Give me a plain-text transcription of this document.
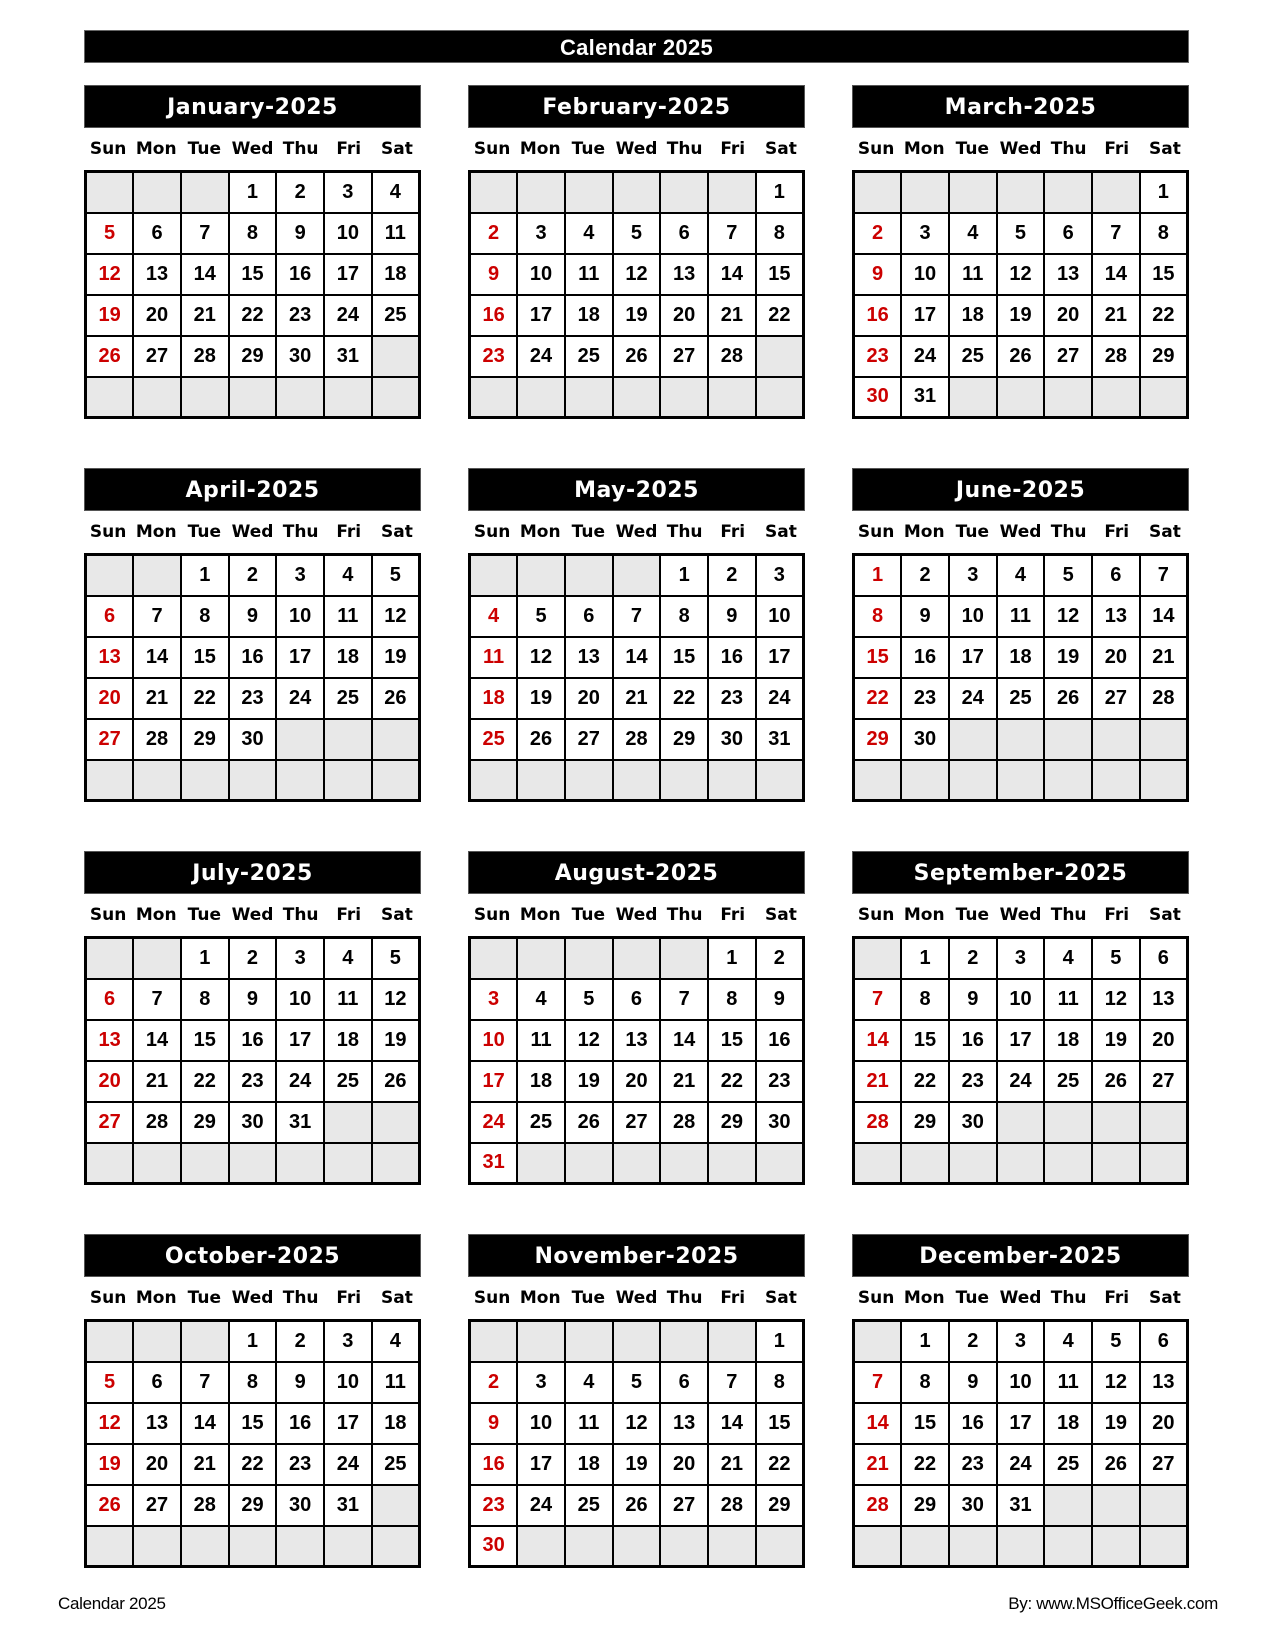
Calendar 2025
January-2025
Sun Mon Tue Wed Thu	Fri	Sat
			1	2	3	4
5	6	7	8	9	10	11
12	13	14	15	16	17	18
19	20	21	22	23	24	25
26	27	28	29	30	31	

February-2025
Sun Mon Tue Wed Thu	Fri	Sat
						1
2	3	4	5	6	7	8
9	10	11	12	13	14	15
16	17	18	19	20	21	22
23	24	25	26	27	28	

March-2025
Sun Mon Tue Wed Thu	Fri	Sat
						1
2	3	4	5	6	7	8
9	10	11	12	13	14	15
16	17	18	19	20	21	22
23	24	25	26	27	28	29
30	31					
April-2025
Sun Mon Tue Wed Thu	Fri	Sat
		1	2	3	4	5
6	7	8	9	10	11	12
13	14	15	16	17	18	19
20	21	22	23	24	25	26
27	28	29	30			

May-2025
Sun Mon Tue Wed Thu	Fri	Sat
				1	2	3
4	5	6	7	8	9	10
11	12	13	14	15	16	17
18	19	20	21	22	23	24
25	26	27	28	29	30	31

June-2025
Sun Mon Tue Wed Thu	Fri	Sat
1	2	3	4	5	6	7
8	9	10	11	12	13	14
15	16	17	18	19	20	21
22	23	24	25	26	27	28
29	30					

July-2025
Sun Mon Tue Wed Thu	Fri	Sat
		1	2	3	4	5
6	7	8	9	10	11	12
13	14	15	16	17	18	19
20	21	22	23	24	25	26
27	28	29	30	31		

August-2025
Sun Mon Tue Wed Thu	Fri	Sat
					1	2
3	4	5	6	7	8	9
10	11	12	13	14	15	16
17	18	19	20	21	22	23
24	25	26	27	28	29	30
31						
September-2025
Sun Mon Tue Wed Thu	Fri	Sat
	1	2	3	4	5	6
7	8	9	10	11	12	13
14	15	16	17	18	19	20
21	22	23	24	25	26	27
28	29	30				

October-2025
Sun Mon Tue Wed Thu	Fri	Sat
			1	2	3	4
5	6	7	8	9	10	11
12	13	14	15	16	17	18
19	20	21	22	23	24	25
26	27	28	29	30	31	

November-2025
Sun Mon Tue Wed Thu	Fri	Sat
						1
2	3	4	5	6	7	8
9	10	11	12	13	14	15
16	17	18	19	20	21	22
23	24	25	26	27	28	29
30						
December-2025
Sun Mon Tue Wed Thu	Fri	Sat
	1	2	3	4	5	6
7	8	9	10	11	12	13
14	15	16	17	18	19	20
21	22	23	24	25	26	27
28	29	30	31			

Calendar 2025	By: www.MSOfficeGeek.com
